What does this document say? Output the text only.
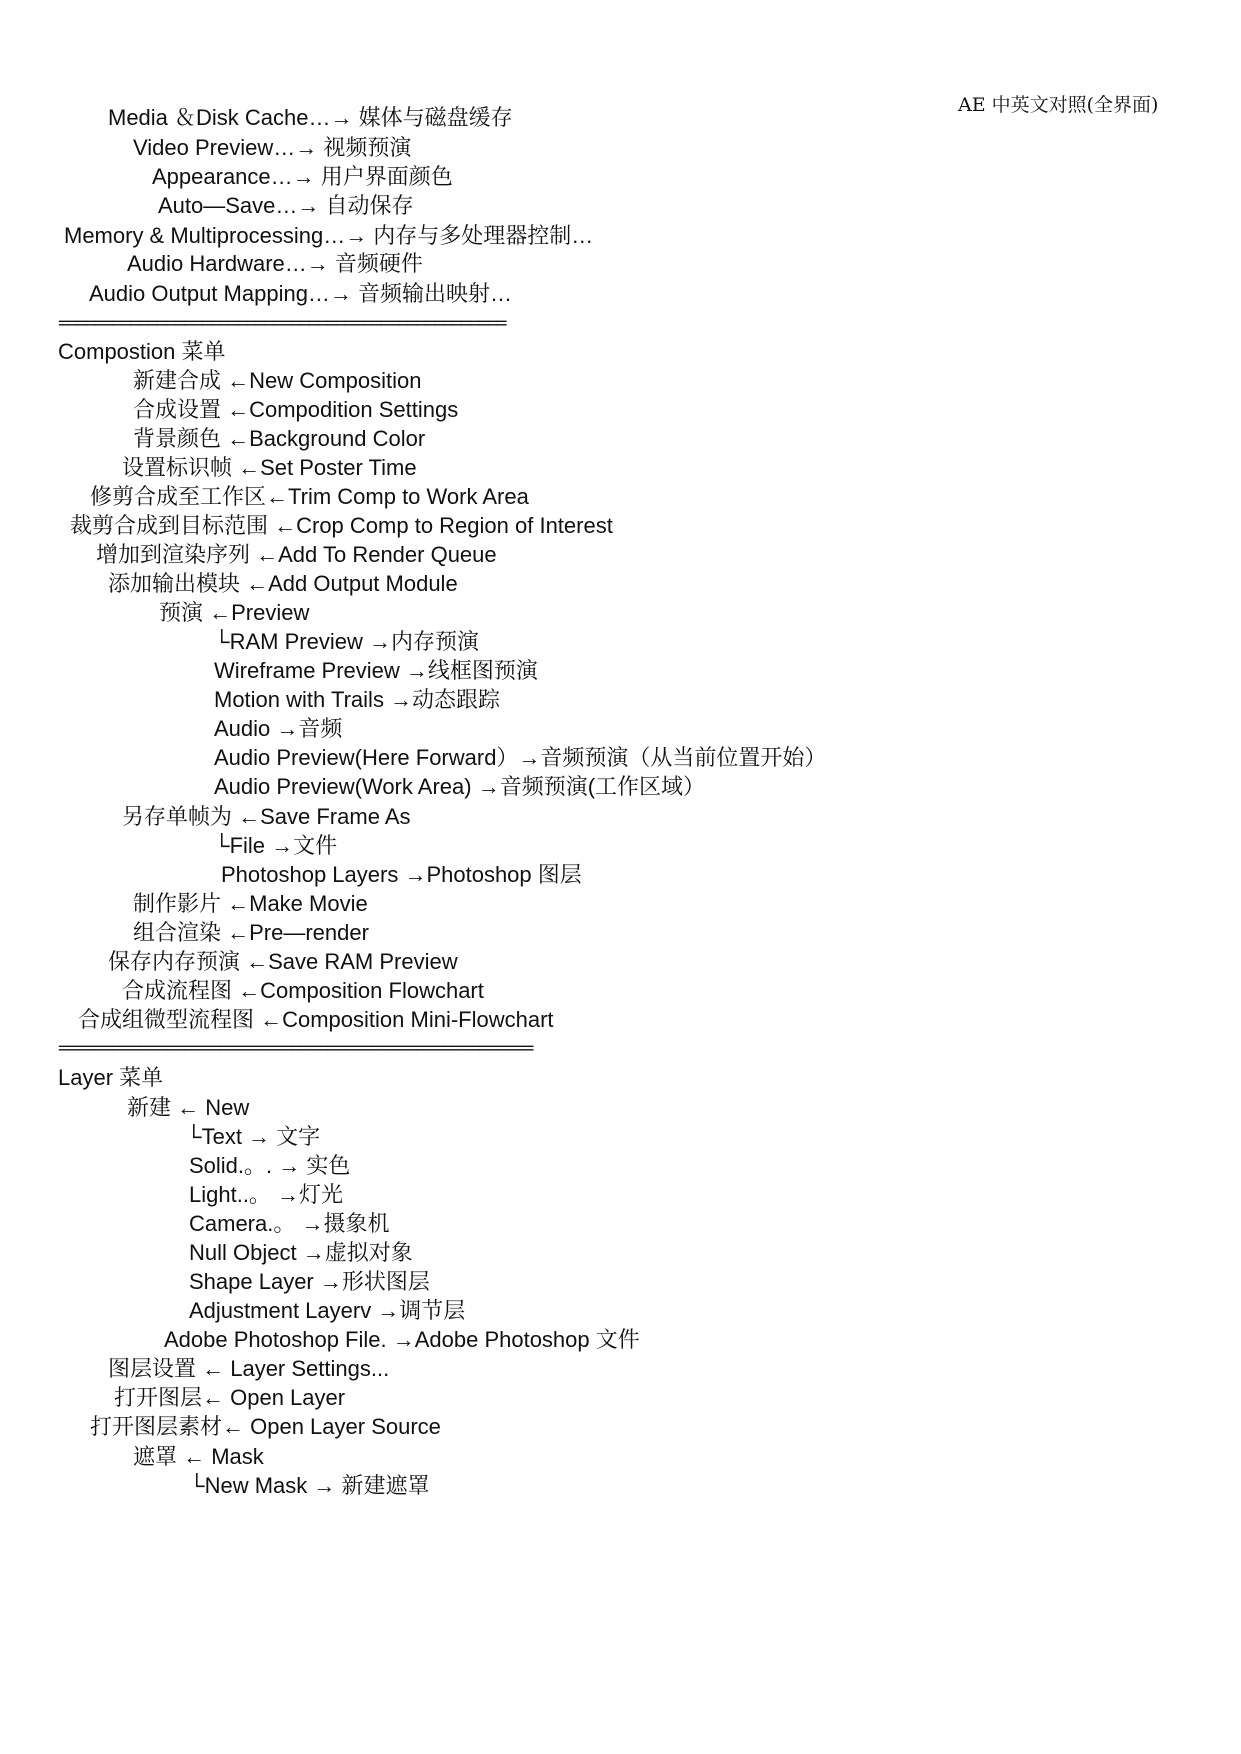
AE 中英文对照(全界面)
Media ＆Disk Cache…→ 媒体与磁盘缓存
Video Preview…→ 视频预演
Appearance…→ 用户界面颜色
Auto—Save…→ 自动保存
Memory & Multiprocessing…→ 内存与多处理器控制…
Audio Hardware…→ 音频硬件
Audio Output Mapping…→ 音频输出映射…
Compostion 菜单
新建合成 ←New Composition
合成设置 ←Compodition Settings
背景颜色 ←Background Color
设置标识帧 ←Set Poster Time
修剪合成至工作区←Trim Comp to Work Area
裁剪合成到目标范围 ←Crop Comp to Region of Interest
增加到渲染序列 ←Add To Render Queue
添加输出模块 ←Add Output Module
预演 ←Preview
└RAM Preview →内存预演
Wireframe Preview →线框图预演
Motion with Trails →动态跟踪
Audio →音频
Audio Preview(Here Forward）→音频预演（从当前位置开始）
Audio Preview(Work Area) →音频预演(工作区域）
另存单帧为 ←Save Frame As
└File →文件
Photoshop Layers →Photoshop 图层
制作影片 ←Make Movie
组合渲染 ←Pre—render
保存内存预演 ←Save RAM Preview
合成流程图 ←Composition Flowchart
合成组微型流程图 ←Composition Mini-Flowchart
Layer 菜单
新建 ← New
└Text → 文字
Solid.。. → 实色
Light..。 →灯光
Camera.。 →摄象机
Null Object →虚拟对象
Shape Layer →形状图层
Adjustment Layerv →调节层
Adobe Photoshop File. →Adobe Photoshop 文件
图层设置 ← Layer Settings...
打开图层← Open Layer
打开图层素材← Open Layer Source
遮罩 ← Mask
└New Mask → 新建遮罩
==================================================
=====================================================
